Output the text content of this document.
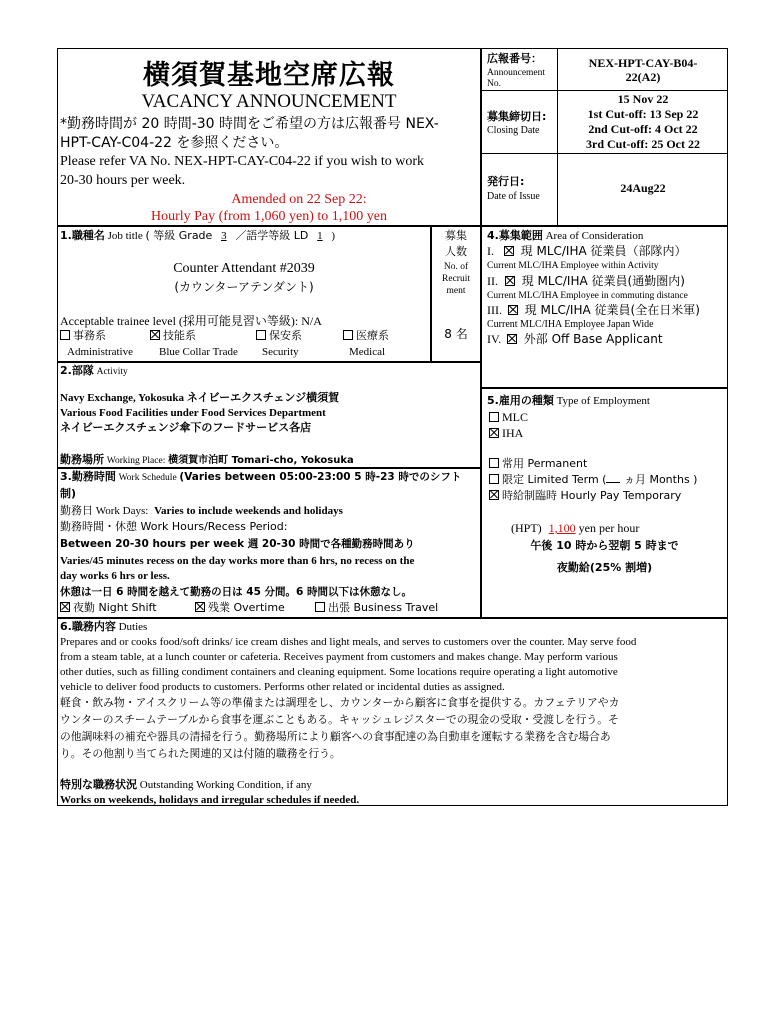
横須賀基地空席広報
VACANCY ANNOUNCEMENT
*勤務時間が 20 時間-30 時間をご希望の方は広報番号 NEX-
HPT-CAY-C04-22 を参照ください。
Please refer VA No. NEX-HPT-CAY-C04-22 if you wish to work
20-30 hours per week.
Amended on 22 Sep 22:
Hourly Pay (from 1,060 yen) to 1,100 yen
広報番号：
Announcement
No.
NEX-HPT-CAY-B04-
22(A2)
募集締切日:
Closing Date
15 Nov 22
1st Cut-off: 13 Sep 22
2nd Cut-off: 4 Oct 22
3rd Cut-off: 25 Oct 22
発行日:
Date of Issue
24Aug22
1.職種名 Job title ( 等級 Grade 3 ／語学等級 LD 1 )
Counter Attendant #2039
(カウンターアテンダント)
Acceptable trainee level (採用可能見習い等級): N/A
事務系	技能系	保安系	医療系
Administrative Blue Collar Trade Security	Medical
募集
人数
No. of
Recruit
ment
8 名
4.募集範囲 Area of Consideration
I. 現 MLC/IHA 従業員（部隊内）
Current MLC/IHA Employee within Activity
II. 現 MLC/IHA 従業員(通勤圏内)
Current MLC/IHA Employee in commuting distance
III. 現 MLC/IHA 従業員(全在日米軍)
Current MLC/IHA Employee Japan Wide
IV. 外部 Off Base Applicant
2.部隊 Activity
Navy Exchange, Yokosuka ネイビーエクスチェンジ横須賀
Various Food Facilities under Food Services Department
ネイビーエクスチェンジ傘下のフードサービス各店
勤務場所 Working Place: 横須賀市泊町 Tomari-cho, Yokosuka
5.雇用の種類 Type of Employment
MLC
IHA
常用 Permanent
限定 Limited Term ( ヵ月 Months )
時給制臨時 Hourly Pay Temporary
(HPT) 1,100 yen per hour
午後 10 時から翌朝 5 時まで
夜勤給(25% 割増)
3.勤務時間 Work Schedule (Varies between 05:00-23:00 5 時-23 時でのシフト
制)
勤務日 Work Days: Varies to include weekends and holidays
勤務時間・休憩 Work Hours/Recess Period:
Between 20-30 hours per week 週 20-30 時間で各種勤務時間あり
Varies/45 minutes recess on the day works more than 6 hrs, no recess on the
day works 6 hrs or less.
休憩は一日 6 時間を越えて勤務の日は 45 分間。6 時間以下は休憩なし。
夜勤 Night Shift	残業 Overtime	出張 Business Travel
6.職務内容 Duties
Prepares and or cooks food/soft drinks/ ice cream dishes and light meals, and serves to customers over the counter. May serve food
from a steam table, at a lunch counter or cafeteria. Receives payment from customers and makes change. May perform various
other duties, such as filling condiment containers and cleaning equipment. Some locations require operating a light automotive
vehicle to deliver food products to customers. Performs other related or incidental duties as assigned.
軽食・飲み物・アイスクリーム等の準備または調理をし、カウンターから顧客に食事を提供する。カフェテリアやカ
ウンターのスチームテーブルから食事を運ぶこともある。キャッシュレジスターでの現金の受取・受渡しを行う。そ
の他調味料の補充や器具の清掃を行う。勤務場所により顧客への食事配達の為自動車を運転する業務を含む場合あ
り。その他割り当てられた関連的又は付随的職務を行う。
特別な職務状況 Outstanding Working Condition, if any
Works on weekends, holidays and irregular schedules if needed.
